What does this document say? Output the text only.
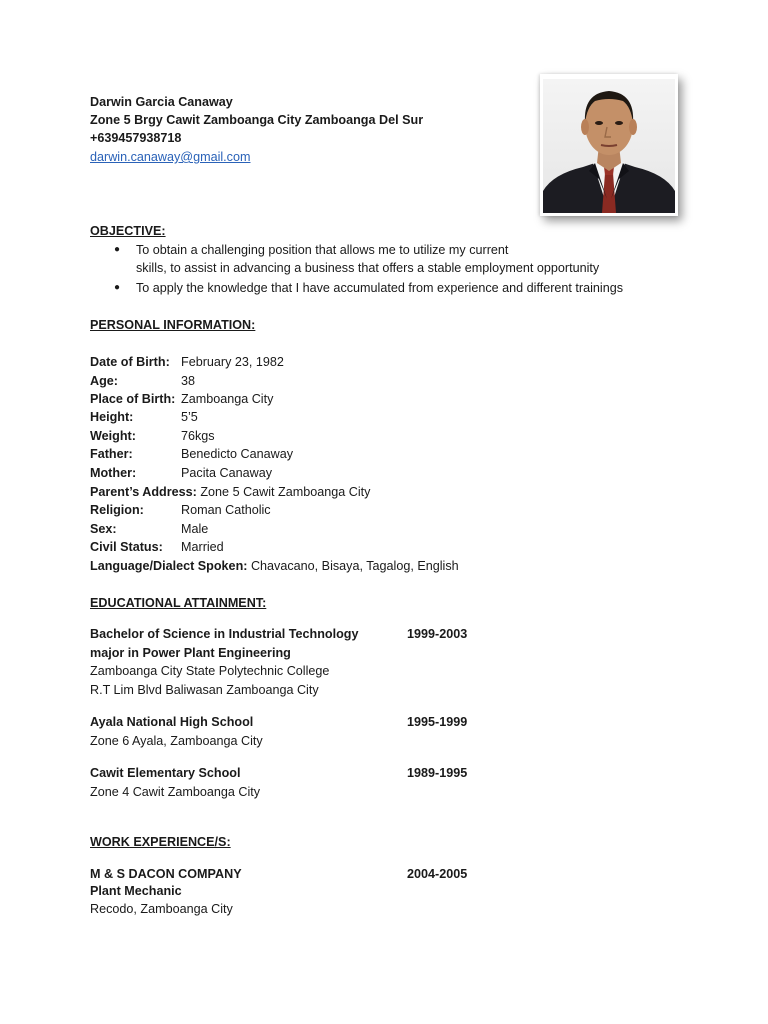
Darwin Garcia Canaway
Zone 5 Brgy Cawit Zamboanga City Zamboanga Del Sur
+639457938718
darwin.canaway@gmail.com
OBJECTIVE:
● To obtain a challenging position that allows me to utilize my current
skills, to assist in advancing a business that offers a stable employment opportunity
● To apply the knowledge that I have accumulated from experience and different trainings
PERSONAL INFORMATION:
Date of Birth: February 23, 1982
Age:	38
Place of Birth: Zamboanga City
Height:	5’5
Weight:	76kgs
Father:	Benedicto Canaway
Mother:	Pacita Canaway
Parent’s Address: Zone 5 Cawit Zamboanga City
Religion:	Roman Catholic
Sex:	Male
Civil Status:	Married
Language/Dialect Spoken: Chavacano, Bisaya, Tagalog, English
EDUCATIONAL ATTAINMENT:
Bachelor of Science in Industrial Technology	1999-2003
major in Power Plant Engineering
Zamboanga City State Polytechnic College
R.T Lim Blvd Baliwasan Zamboanga City
Ayala National High School	1995-1999
Zone 6 Ayala, Zamboanga City
Cawit Elementary School	1989-1995
Zone 4 Cawit Zamboanga City
WORK EXPERIENCE/S:
M & S DACON COMPANY	2004-2005
Plant Mechanic
Recodo, Zamboanga City
